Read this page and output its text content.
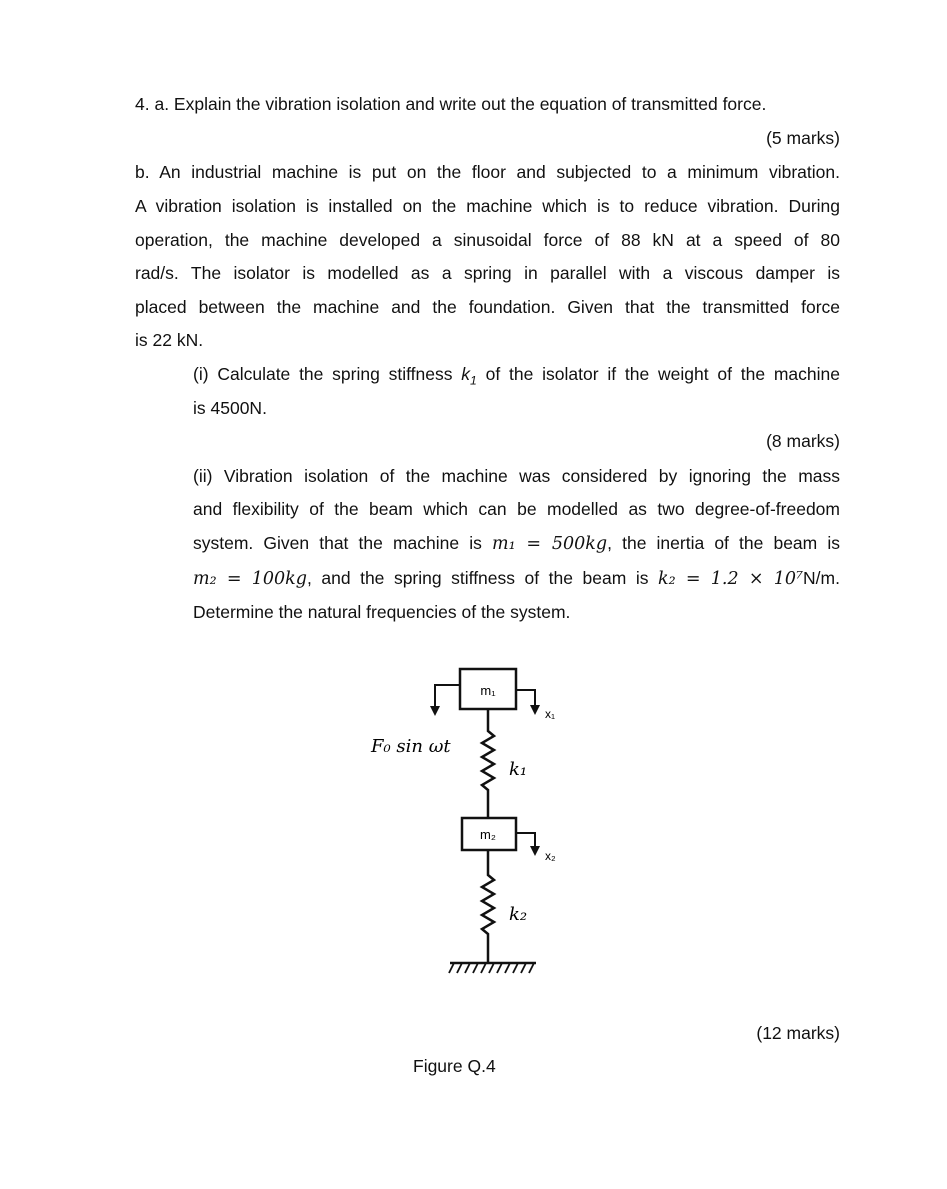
4. a. Explain the vibration isolation and write out the equation of transmitted force.
(5 marks)
b. An industrial machine is put on the floor and subjected to a minimum vibration.
A vibration isolation is installed on the machine which is to reduce vibration. During
operation, the machine developed a sinusoidal force of 88 kN at a speed of 80
rad/s. The isolator is modelled as a spring in parallel with a viscous damper is
placed between the machine and the foundation. Given that the transmitted force
is 22 kN.
(i) Calculate the spring stiffness $k_1$ of the isolator if the weight of the machine
is 4500N.
(8 marks)
(ii) Vibration isolation of the machine was considered by ignoring the mass
and flexibility of the beam which can be modelled as two degree-of-freedom
system. Given that the machine is m₁ = 500kg, the inertia of the beam is
m₂ = 100kg, and the spring stiffness of the beam is k₂ = 1.2 × 10⁷N/m.
Determine the natural frequencies of the system.
m₁
F₀ sin ωt
x₁
k₁
m₂
x₂
k₂
(12 marks)
Figure Q.4
